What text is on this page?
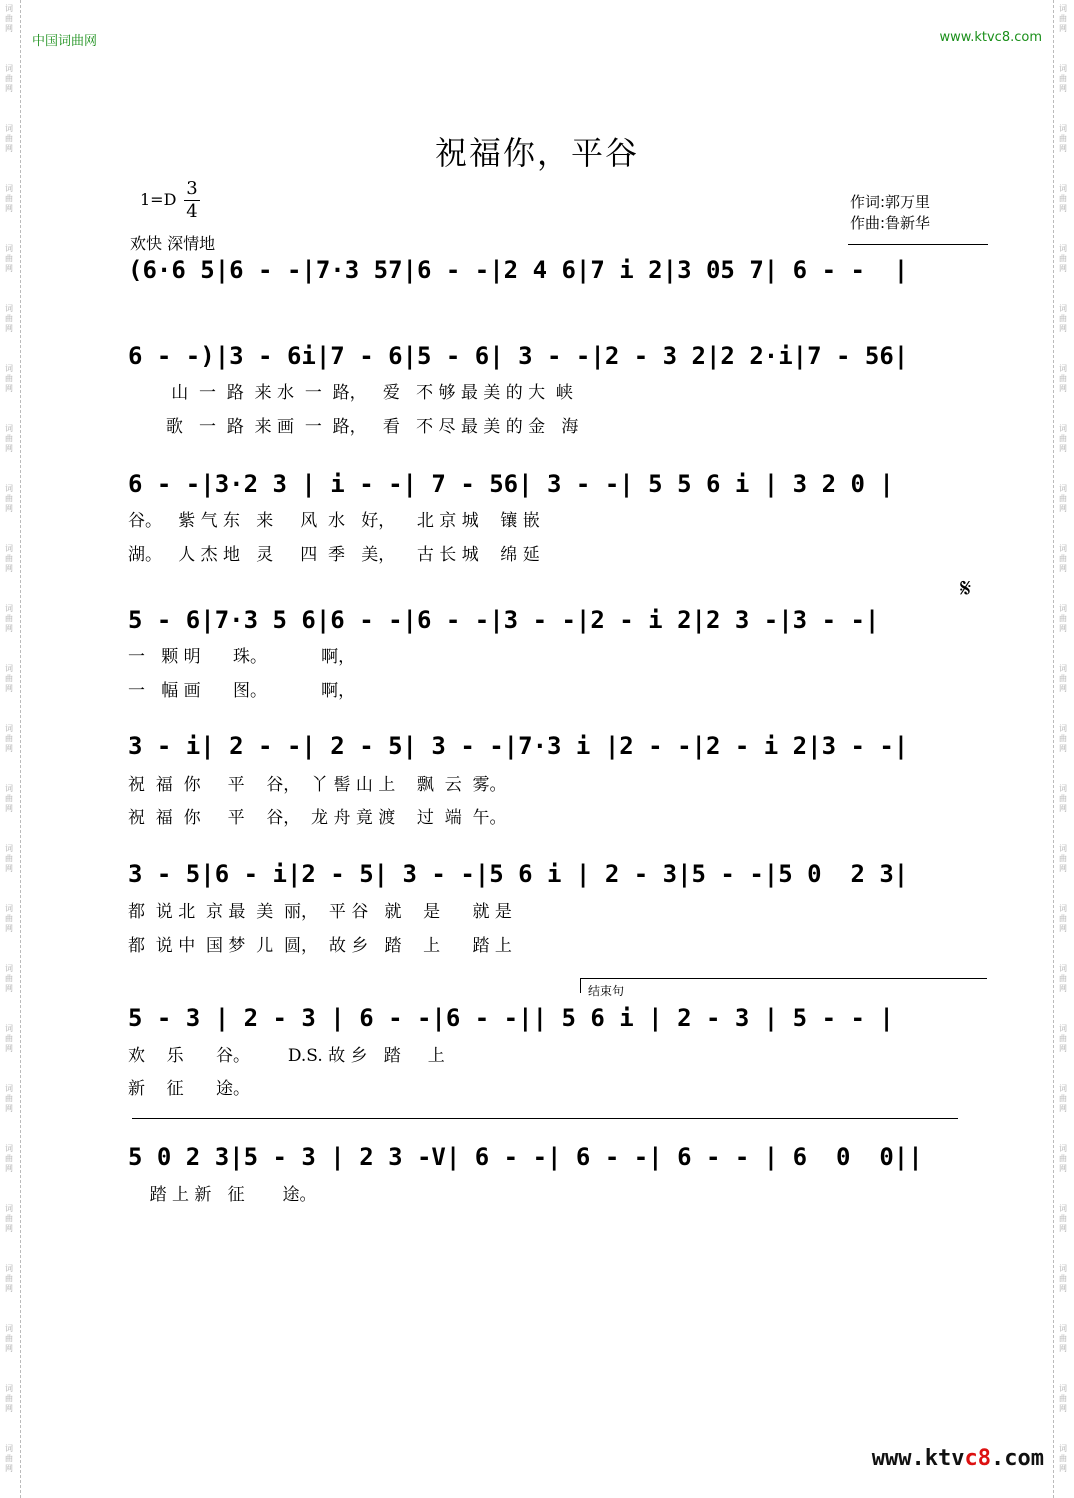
词
曲
网
词
曲
网
词
曲
网
词
曲
网
词
曲
网
词
曲
网
词
曲
网
词
曲
网
词
曲
网
词
曲
网
词
曲
网
词
曲
网
词
曲
网
词
曲
网
词
曲
网
词
曲
网
词
曲
网
词
曲
网
词
曲
网
词
曲
网
词
曲
网
词
曲
网
词
曲
网
词
曲
网
词
曲
网
词
曲
网
词
曲
网
词
曲
网
词
曲
网
词
曲
网
词
曲
网
词
曲
网
词
曲
网
词
曲
网
词
曲
网
词
曲
网
词
曲
网
词
曲
网
词
曲
网
词
曲
网
词
曲
网
词
曲
网
词
曲
网
词
曲
网
词
曲
网
词
曲
网
词
曲
网
词
曲
网
词
曲
网
词
曲
网
中国词曲网	www.ktvc8.com
祝福你，平谷
1=D
3
4
欢快 深情地
作词:郭万里
作曲:鲁新华
(6·6 5|6 - -|7·3 57|6 - -|2 4 6|7 i 2|3 05 7| 6 - -  |
6 - -)|3 - 6i|7 - 6|5 - 6| 3 - -|2 - 3 2|2 2·i|7 - 56|
山  一  路  来 水  一  路，   爱   不 够 最 美 的 大  峡
歌   一  路  来 画  一  路，   看   不 尽 最 美 的 金   海
6 - -|3·2 3 | i - -| 7 - 56| 3 - -| 5 5 6 i | 3 2 0 |
谷。   紫 气 东   来     风  水   好，    北 京 城    镶 嵌
湖。   人 杰 地   灵     四  季   美，    古 长 城    绵 延
𝄋
5 - 6|7·3 5 6|6 - -|6 - -|3 - -|2 - i 2|2 3 -|3 - -|
一   颗 明      珠。          啊，
一   幅 画      图。          啊，
3 - i| 2 - -| 2 - 5| 3 - -|7·3 i |2 - -|2 - i 2|3 - -|
祝  福  你     平    谷，  丫 髻 山 上    飘  云  雾。
祝  福  你     平    谷，  龙 舟 竟 渡    过  端  午。
3 - 5|6 - i|2 - 5| 3 - -|5 6 i | 2 - 3|5 - -|5 0  2 3|
都  说 北  京 最  美  丽，  平 谷   就    是      就 是
都  说 中  国 梦  儿  圆，  故 乡   踏    上      踏 上
结束句
5 - 3 | 2 - 3 | 6 - -|6 - -|| 5 6 i | 2 - 3 | 5 - - |
欢    乐      谷。       D.S. 故 乡   踏     上
新    征      途。
5 0 2 3|5 - 3 | 2 3 -V| 6 - -| 6 - -| 6 - - | 6  0  0||
踏 上 新   征       途。
www.ktvc8.com
